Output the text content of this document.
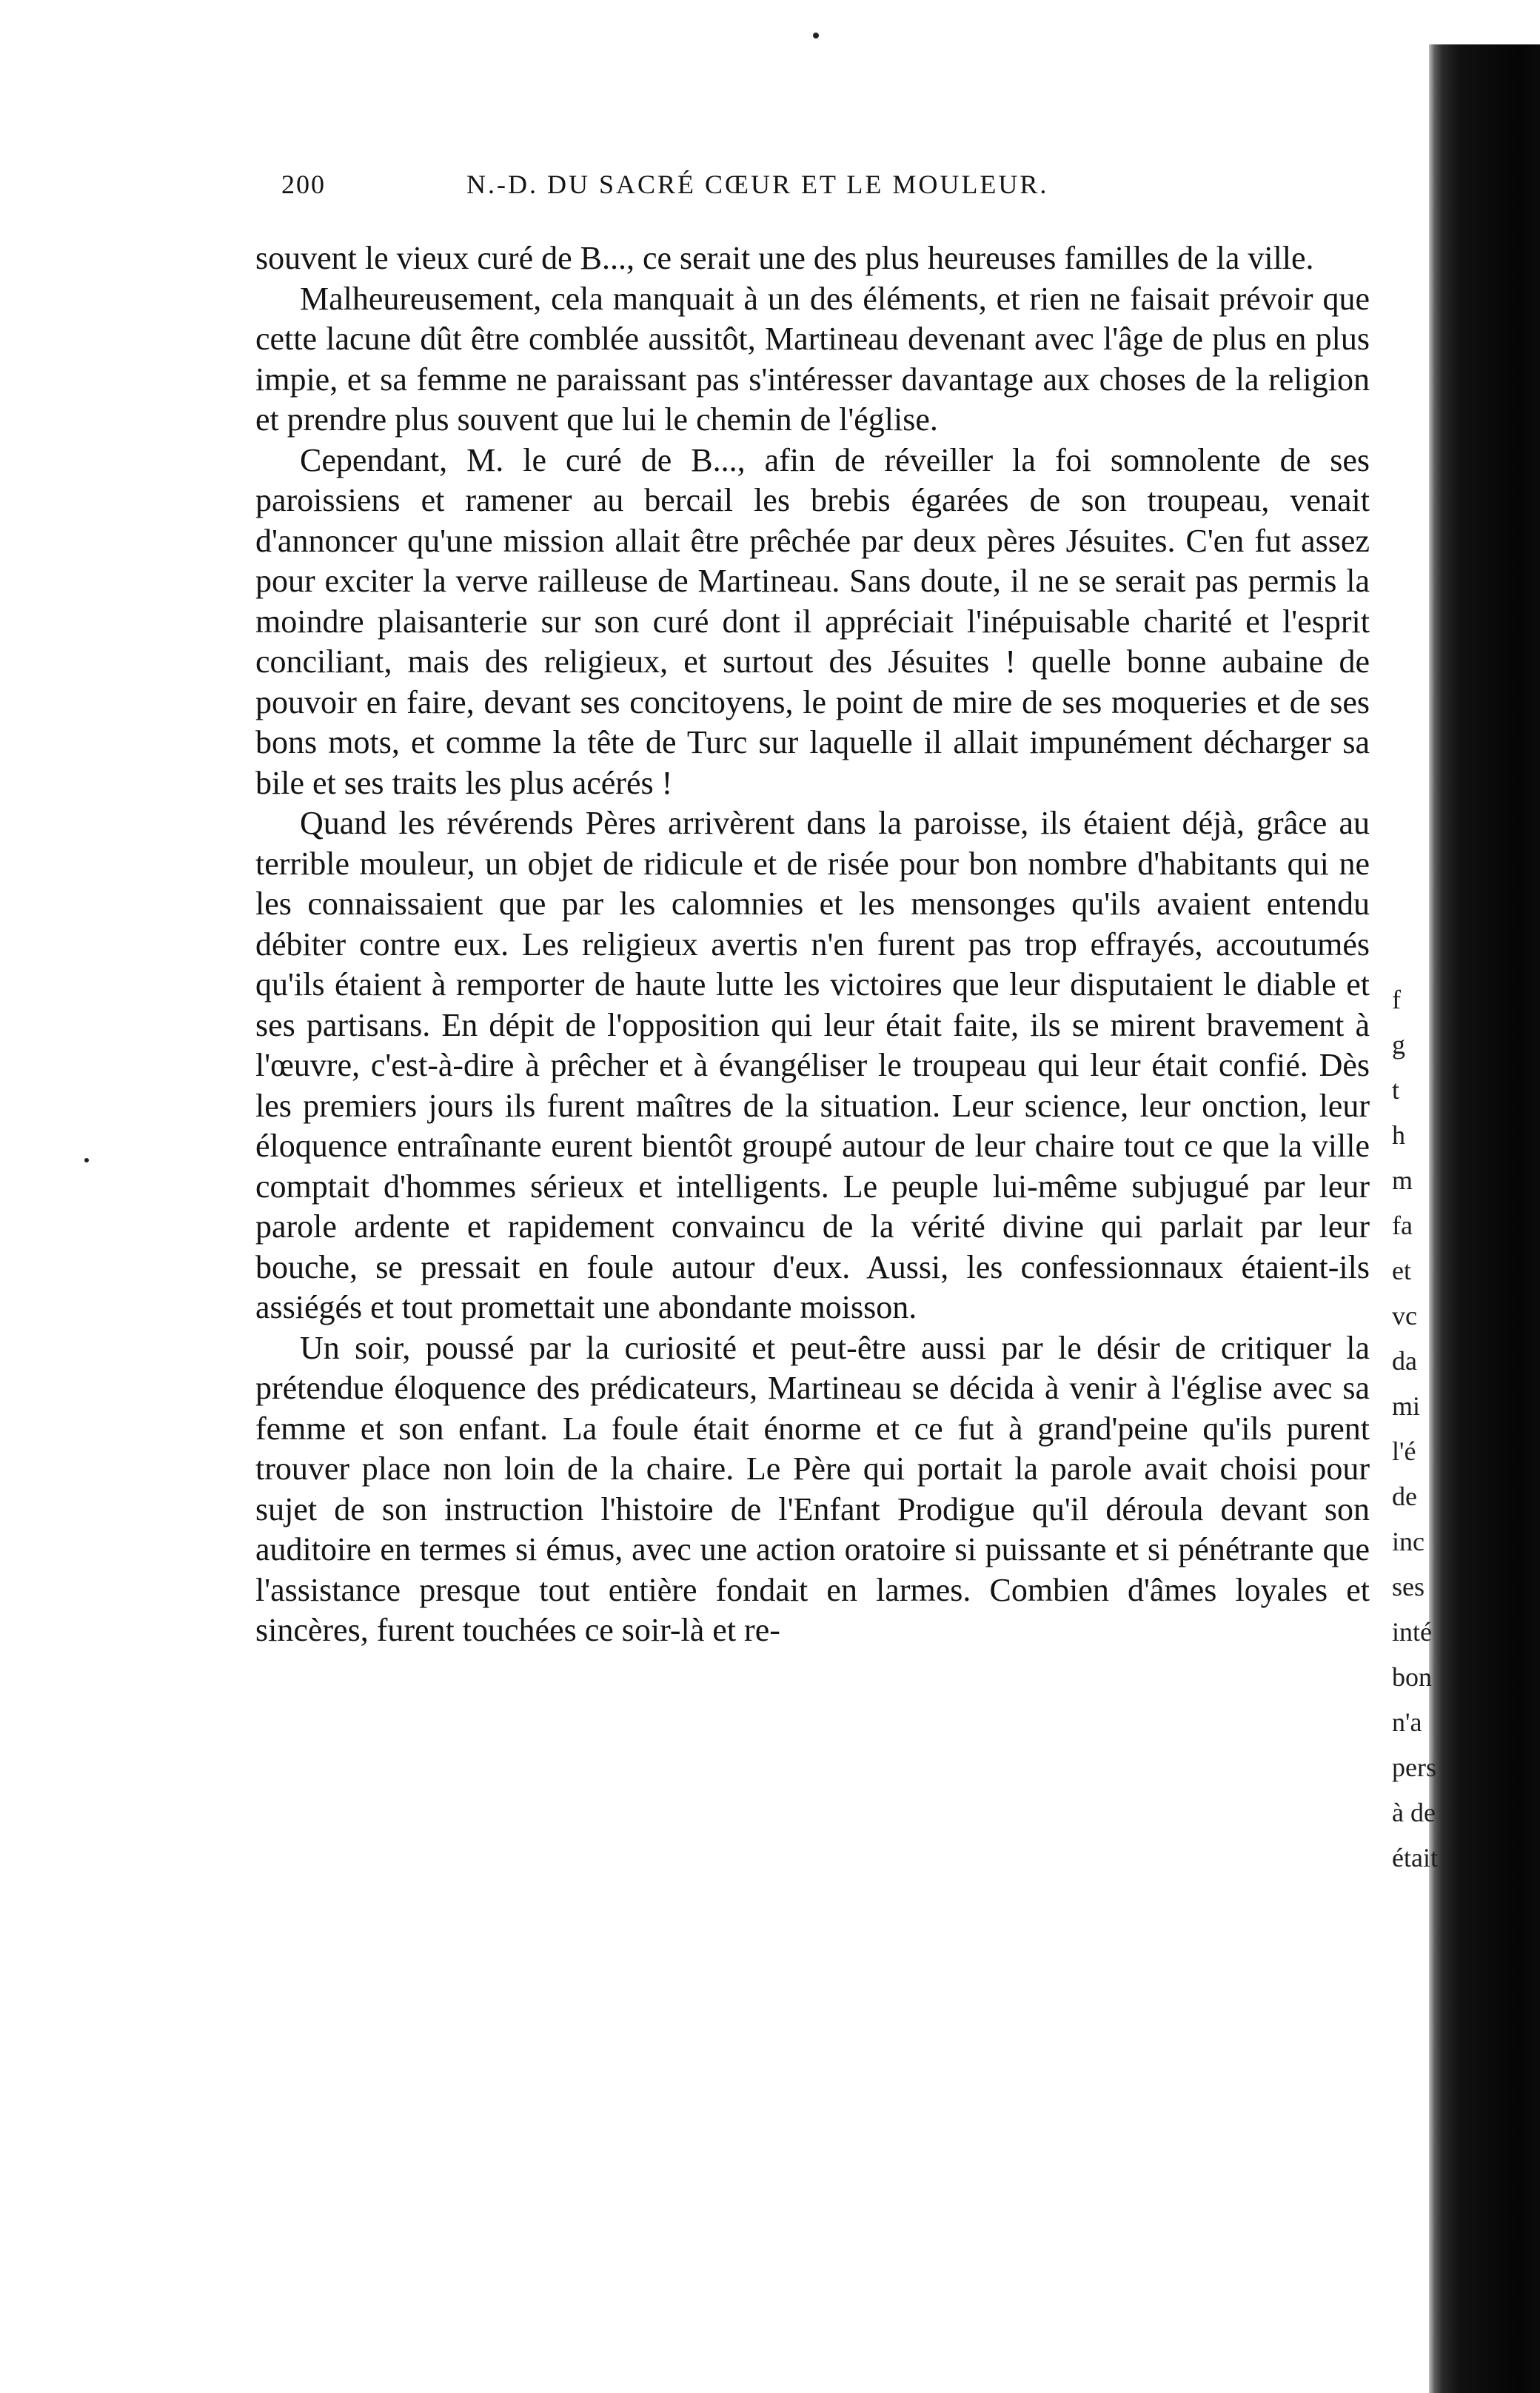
200	N.-D. DU SACRÉ CŒUR ET LE MOULEUR.

souvent le vieux curé de B..., ce serait une des plus heureuses familles de la ville.

Malheureusement, cela manquait à un des éléments, et rien ne faisait prévoir que cette lacune dût être comblée aussitôt, Martineau devenant avec l'âge de plus en plus impie, et sa femme ne paraissant pas s'intéresser davantage aux choses de la religion et prendre plus souvent que lui le chemin de l'église.

Cependant, M. le curé de B..., afin de réveiller la foi somnolente de ses paroissiens et ramener au bercail les brebis égarées de son troupeau, venait d'annoncer qu'une mission allait être prêchée par deux pères Jésuites. C'en fut assez pour exciter la verve railleuse de Martineau. Sans doute, il ne se serait pas permis la moindre plaisanterie sur son curé dont il appréciait l'inépuisable charité et l'esprit conciliant, mais des religieux, et surtout des Jésuites ! quelle bonne aubaine de pouvoir en faire, devant ses concitoyens, le point de mire de ses moqueries et de ses bons mots, et comme la tête de Turc sur laquelle il allait impunément décharger sa bile et ses traits les plus acérés !

Quand les révérends Pères arrivèrent dans la paroisse, ils étaient déjà, grâce au terrible mouleur, un objet de ridicule et de risée pour bon nombre d'habitants qui ne les connaissaient que par les calomnies et les mensonges qu'ils avaient entendu débiter contre eux. Les religieux avertis n'en furent pas trop effrayés, accoutumés qu'ils étaient à remporter de haute lutte les victoires que leur disputaient le diable et ses partisans. En dépit de l'opposition qui leur était faite, ils se mirent bravement à l'œuvre, c'est-à-dire à prêcher et à évangéliser le troupeau qui leur était confié. Dès les premiers jours ils furent maîtres de la situation. Leur science, leur onction, leur éloquence entraînante eurent bientôt groupé autour de leur chaire tout ce que la ville comptait d'hommes sérieux et intelligents. Le peuple lui-même subjugué par leur parole ardente et rapidement convaincu de la vérité divine qui parlait par leur bouche, se pressait en foule autour d'eux. Aussi, les confessionnaux étaient-ils assiégés et tout promettait une abondante moisson.

Un soir, poussé par la curiosité et peut-être aussi par le désir de critiquer la prétendue éloquence des prédicateurs, Martineau se décida à venir à l'église avec sa femme et son enfant. La foule était énorme et ce fut à grand'peine qu'ils purent trouver place non loin de la chaire. Le Père qui portait la parole avait choisi pour sujet de son instruction l'histoire de l'Enfant Prodigue qu'il déroula devant son auditoire en termes si émus, avec une action oratoire si puissante et si pénétrante que l'assistance presque tout entière fondait en larmes. Combien d'âmes loyales et sincères, furent touchées ce soir-là et re-

f
g
t
h
m
fa
et
vc
da
mi
l'é
de
inc
ses
inté
bon
n'a
pers
à de
était
